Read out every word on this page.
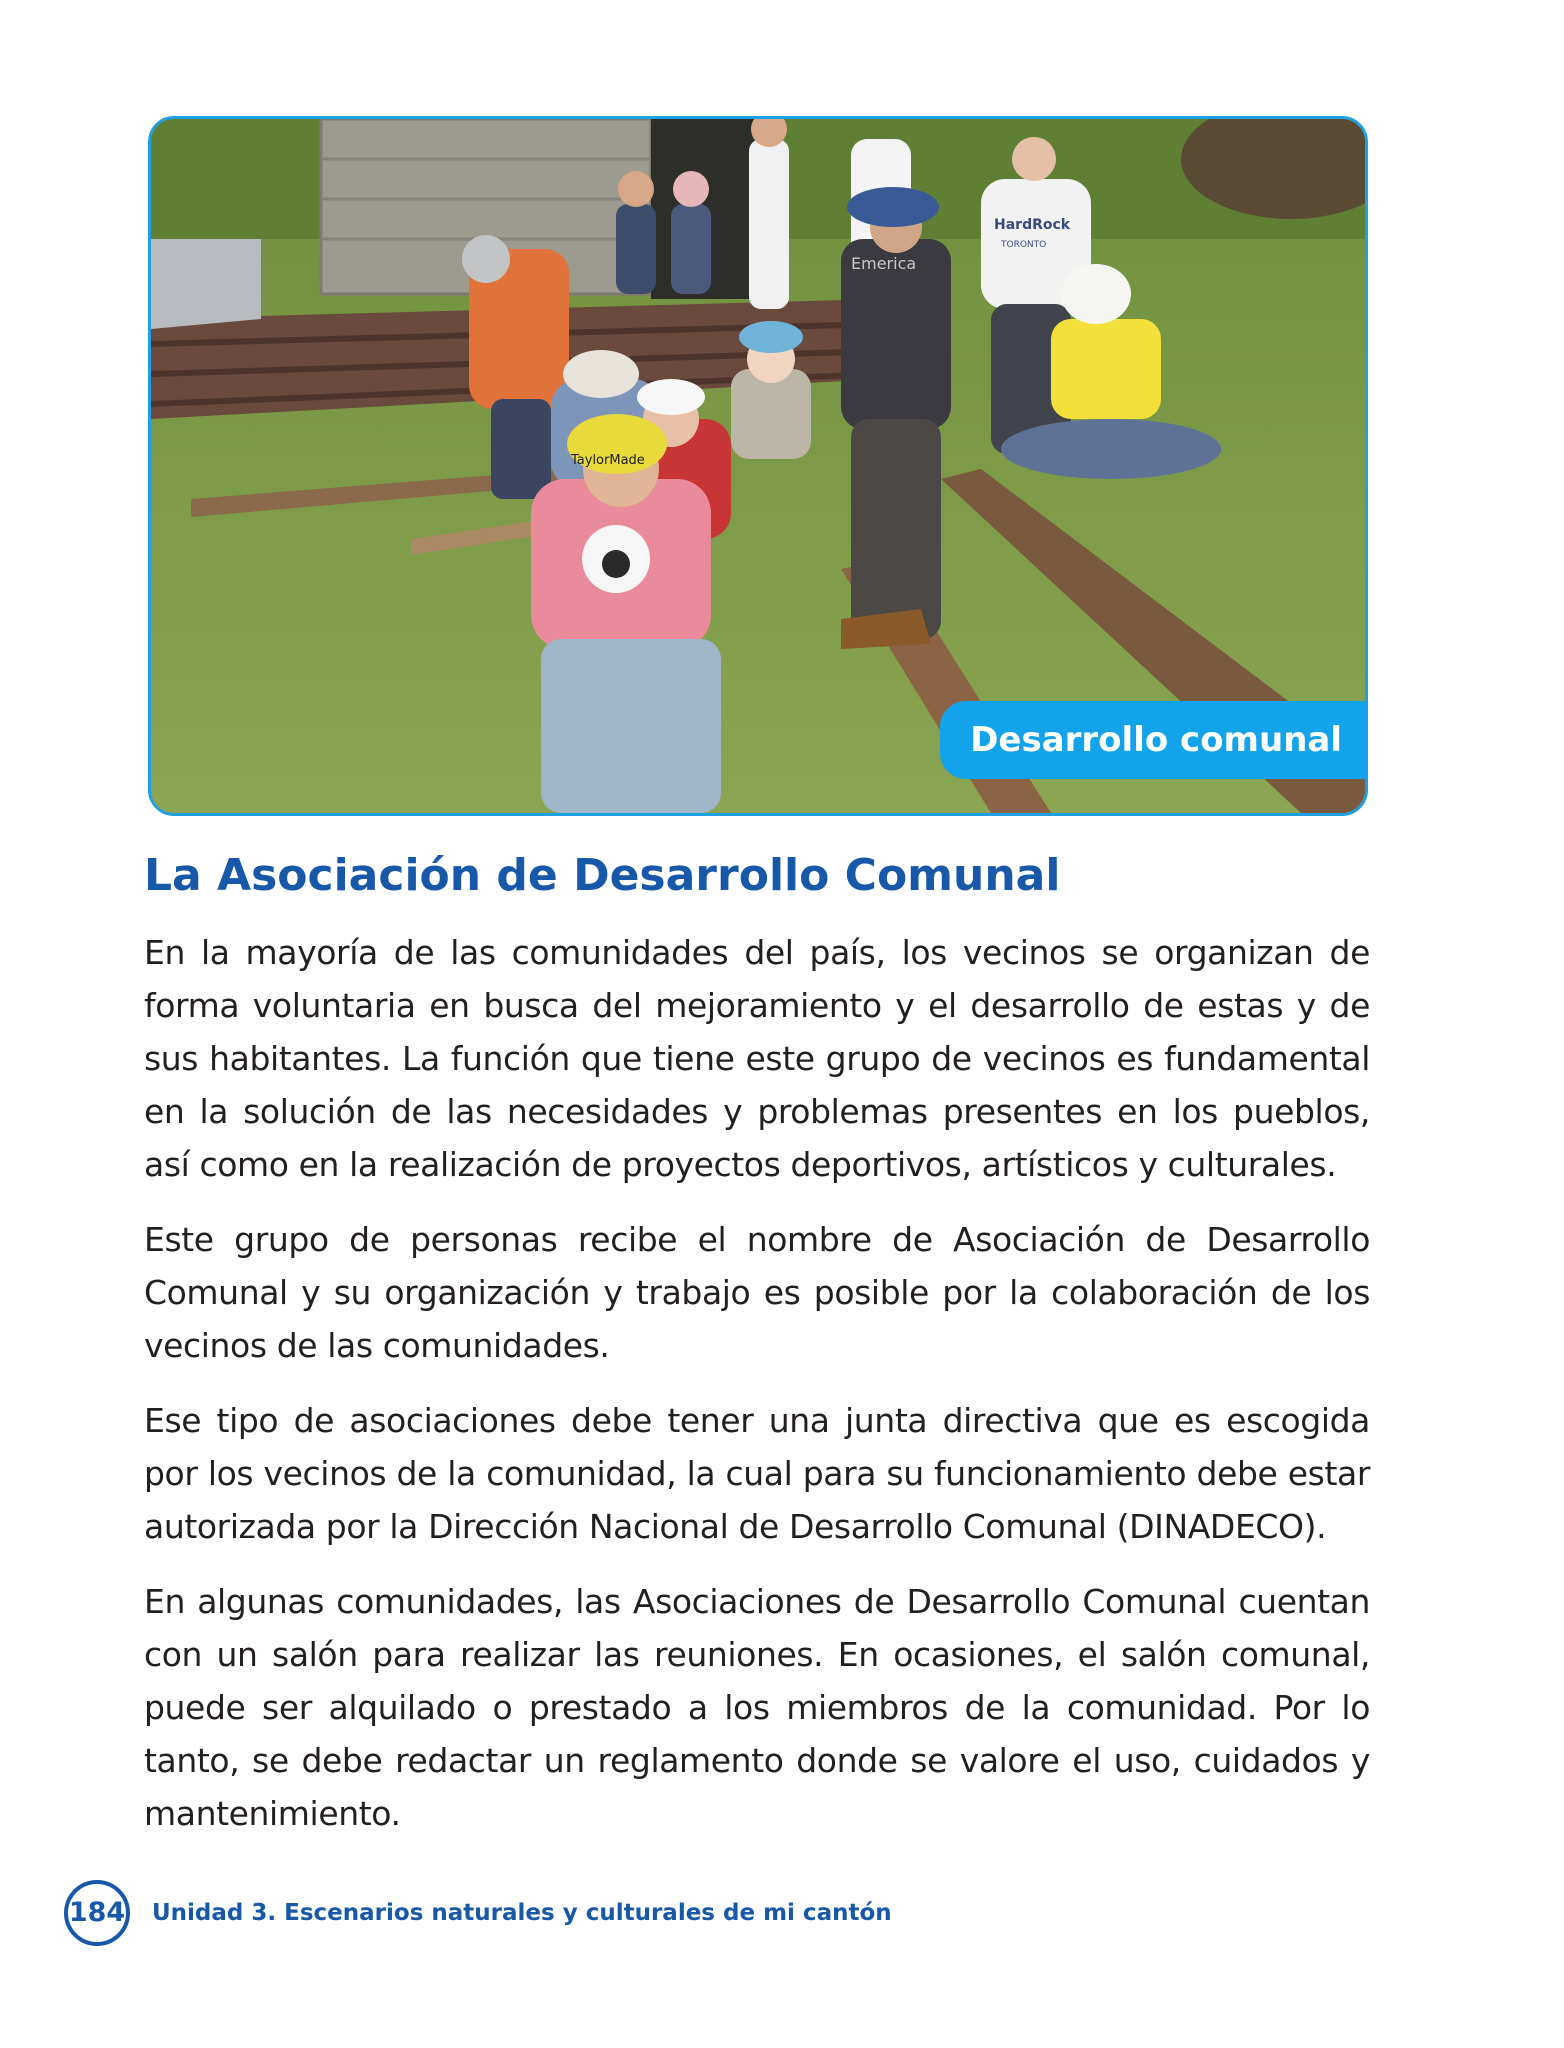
Emerica
HardRock
TORONTO
TaylorMade
Desarrollo comunal
La Asociación de Desarrollo Comunal

En la mayoría de las comunidades del país, los vecinos se organizan de forma voluntaria en busca del mejoramiento y el desarrollo de estas y de sus habitantes. La función que tiene este grupo de vecinos es fundamental en la solución de las necesidades y problemas presentes en los pueblos, así como en la realización de proyectos deportivos, artísticos y culturales.

Este grupo de personas recibe el nombre de Asociación de Desarrollo Comunal y su organización y trabajo es posible por la colaboración de los vecinos de las comunidades.

Ese tipo de asociaciones debe tener una junta directiva que es escogida por los vecinos de la comunidad, la cual para su funcionamiento debe estar autorizada por la Dirección Nacional de Desarrollo Comunal (DINADECO).

En algunas comunidades, las Asociaciones de Desarrollo Comunal cuentan con un salón para realizar las reuniones. En ocasiones, el salón comunal, puede ser alquilado o prestado a los miembros de la comunidad. Por lo tanto, se debe redactar un reglamento donde se valore el uso, cuidados y mantenimiento.

184 Unidad 3. Escenarios naturales y culturales de mi cantón
